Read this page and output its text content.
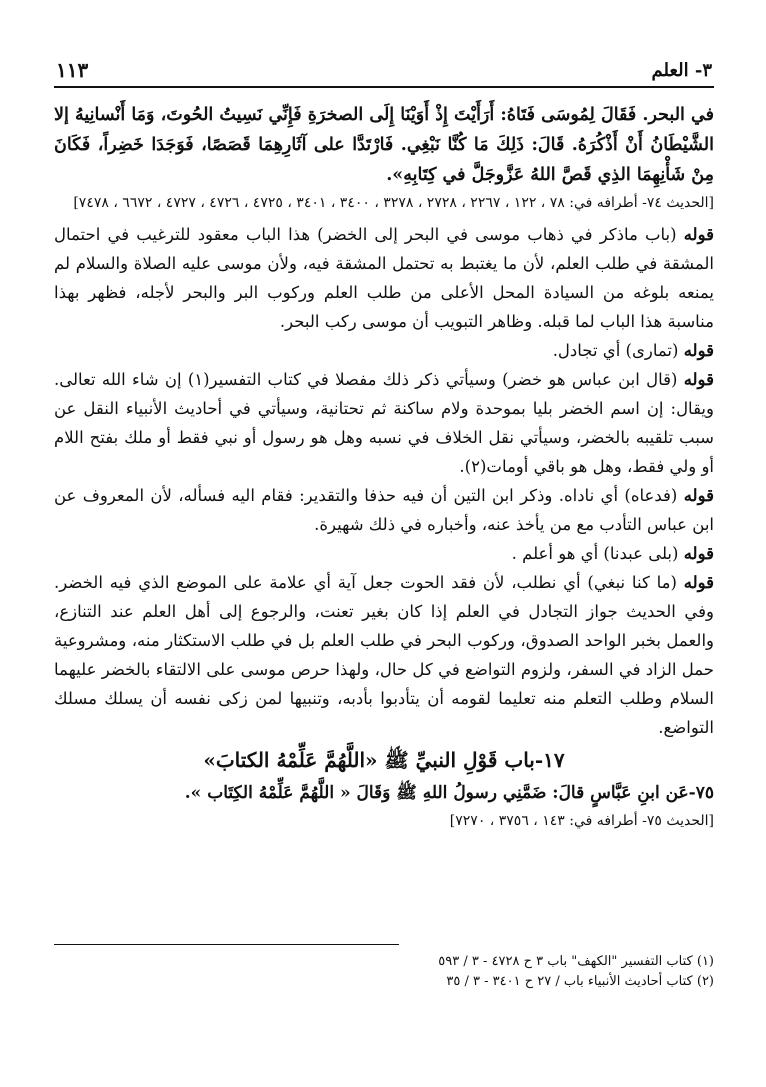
٣- العلم
١١٣

في البحر. فَقَالَ لِمُوسَى فَتَاهُ: أَرَأَيْتَ إِذْ أَوَيْنَا إِلَى الصخرَةِ فَإِنِّي نَسِيتُ الحُوتَ، وَمَا أَنْسانِيهُ إلا الشَّيْطَانُ أَنْ أَذْكُرَهُ. قَالَ: ذَلِكَ مَا كُنَّا نَبْغِي. فَارْتَدَّا على آثَارِهِمَا قَصَصًا، فَوَجَدَا خَضِراً، فَكَانَ مِنْ شَأْنِهِمَا الذِي قَصَّ اللهُ عَزَّوجَلَّ في كِتَابِهِ».

[الحديث ٧٤- أطرافه في: ٧٨ ، ١٢٢ ، ٢٢٦٧ ، ٢٧٢٨ ، ٣٢٧٨ ، ٣٤٠٠ ، ٣٤٠١ ، ٤٧٢٥ ، ٤٧٢٦ ، ٤٧٢٧ ، ٦٦٧٢ ، ٧٤٧٨]

قوله (باب ماذكر في ذهاب موسى في البحر إلى الخضر) هذا الباب معقود للترغيب في احتمال المشقة في طلب العلم، لأن ما يغتبط به تحتمل المشقة فيه، ولأن موسى عليه الصلاة والسلام لم يمنعه بلوغه من السيادة المحل الأعلى من طلب العلم وركوب البر والبحر لأجله، فظهر بهذا مناسبة هذا الباب لما قبله. وظاهر التبويب أن موسى ركب البحر.

قوله (تمارى) أي تجادل.

قوله (قال ابن عباس هو خضر) وسيأتي ذكر ذلك مفصلا في كتاب التفسير(١) إن شاء الله تعالى. ويقال: إن اسم الخضر بليا بموحدة ولام ساكنة ثم تحتانية، وسيأتي في أحاديث الأنبياء النقل عن سبب تلقيبه بالخضر، وسيأتي نقل الخلاف في نسبه وهل هو رسول أو نبي فقط أو ملك بفتح اللام أو ولي فقط، وهل هو باقي أومات(٢).

قوله (فدعاه) أي ناداه. وذكر ابن التين أن فيه حذفا والتقدير: فقام اليه فسأله، لأن المعروف عن ابن عباس التأدب مع من يأخذ عنه، وأخباره في ذلك شهيرة.

قوله (بلى عبدنا) أي هو أعلم .

قوله (ما كنا نبغي) أي نطلب، لأن فقد الحوت جعل آية أي علامة على الموضع الذي فيه الخضر. وفي الحديث جواز التجادل في العلم إذا كان بغير تعنت، والرجوع إلى أهل العلم عند التنازع، والعمل بخبر الواحد الصدوق، وركوب البحر في طلب العلم بل في طلب الاستكثار منه، ومشروعية حمل الزاد في السفر، ولزوم التواضع في كل حال، ولهذا حرص موسى على الالتقاء بالخضر عليهما السلام وطلب التعلم منه تعليما لقومه أن يتأدبوا بأدبه، وتنبيها لمن زكى نفسه أن يسلك مسلك التواضع.

١٧-باب قَوْلِ النبيِّ ﷺ «اللَّهُمَّ عَلِّمْهُ الكتابَ»

٧٥-عَن ابنِ عَبَّاسٍ قالَ: ضَمَّنِي رسولُ اللهِ ﷺ وَقَالَ « اللَّهُمَّ عَلِّمْهُ الكِتَاب ».

[الحديث ٧٥- أطرافه في: ١٤٣ ، ٣٧٥٦ ، ٧٢٧٠]

(١) كتاب التفسير "الكهف" باب ٣ ح ٤٧٢٨ - ٣ / ٥٩٣

(٢) كتاب أحاديث الأنبياء باب / ٢٧ ح ٣٤٠١ - ٣ / ٣٥
